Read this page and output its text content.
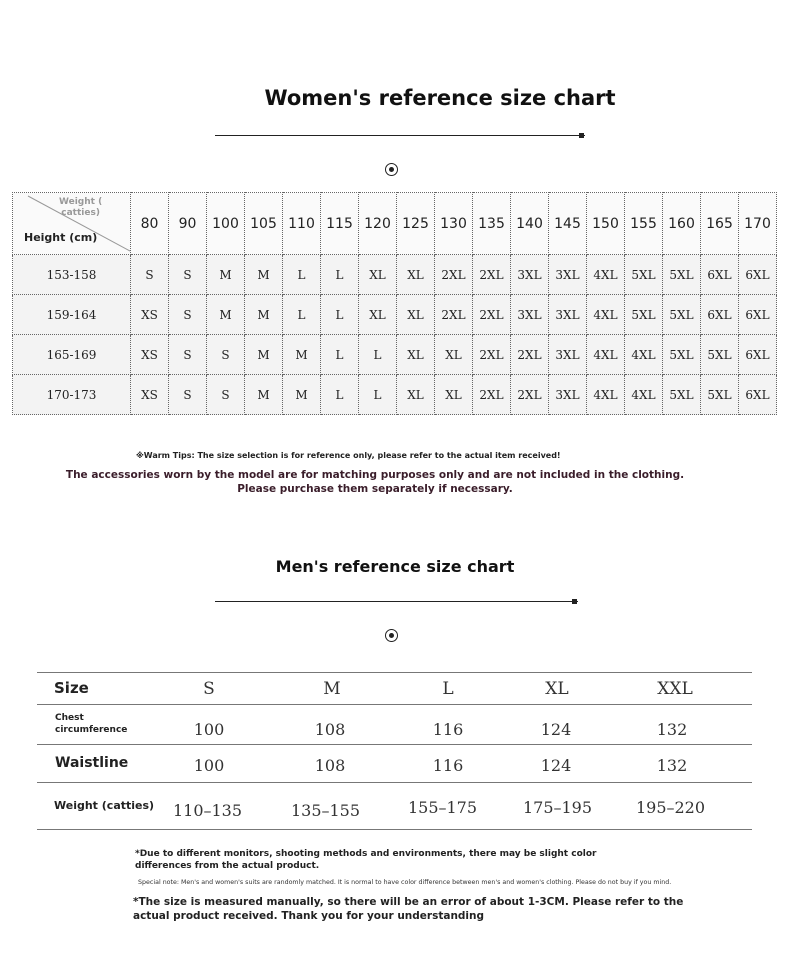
Women's reference size chart
Weight (
catties)
Height (cm)	80	90	100	105	110	115	120	125	130	135	140	145	150	155	160	165	170
153-158	S	S	M	M	L	L	XL	XL	2XL	2XL	3XL	3XL	4XL	5XL	5XL	6XL	6XL
159-164	XS	S	M	M	L	L	XL	XL	2XL	2XL	3XL	3XL	4XL	5XL	5XL	6XL	6XL
165-169	XS	S	S	M	M	L	L	XL	XL	2XL	2XL	3XL	4XL	4XL	5XL	5XL	6XL
170-173	XS	S	S	M	M	L	L	XL	XL	2XL	2XL	3XL	4XL	4XL	5XL	5XL	6XL
※Warm Tips: The size selection is for reference only, please refer to the actual item received!
The accessories worn by the model are for matching purposes only and are not included in the clothing.
Please purchase them separately if necessary.
Men's reference size chart
Size	S	M	L	XL	XXL
Chest
circumference	100	108	116	124	132
Waistline	100	108	116	124	132
Weight (catties)	110–135	135–155	155–175	175–195	195–220
*Due to different monitors, shooting methods and environments, there may be slight color
differences from the actual product.
Special note: Men's and women's suits are randomly matched. It is normal to have color difference between men's and women's clothing. Please do not buy if you mind.
*The size is measured manually, so there will be an error of about 1-3CM. Please refer to the
actual product received. Thank you for your understanding
